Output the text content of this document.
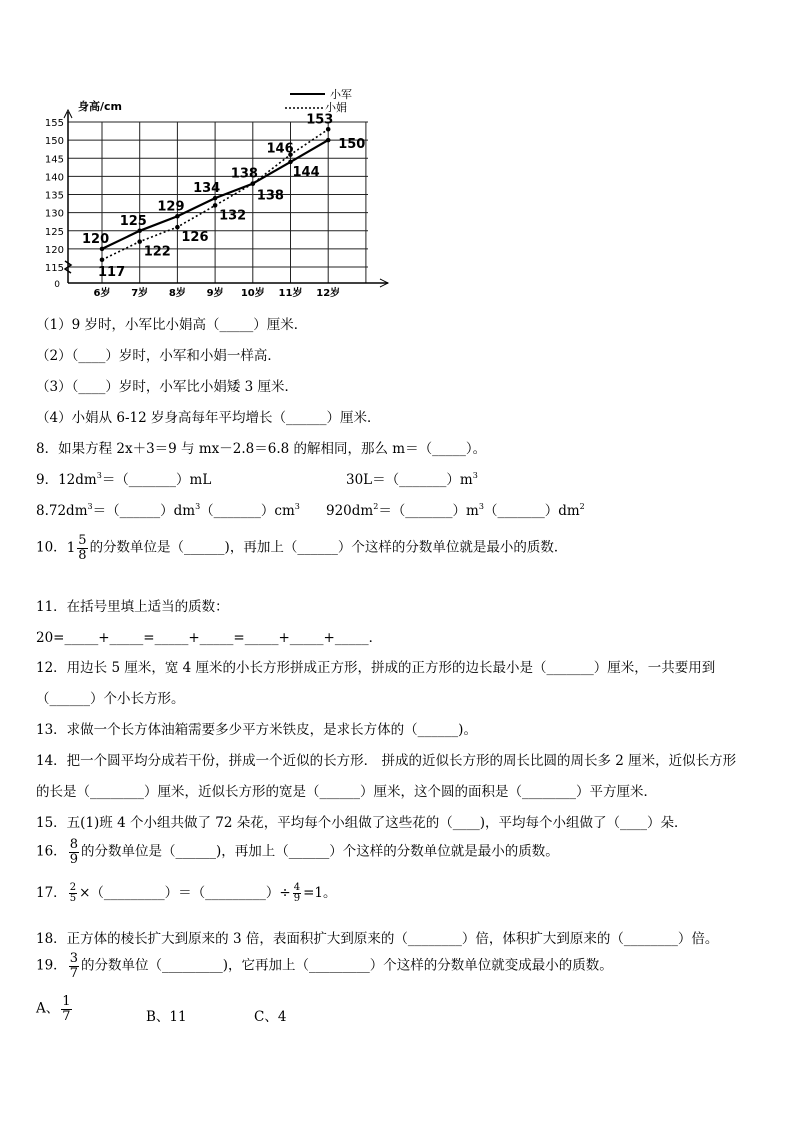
身高/cm
155
150
145
140
135
130
125
120
115
0
6岁 7岁 8岁 9岁 10岁 11岁 12岁
小军
小娟
120
125
129
134
138	144
150
117
122
126
132
138
146
153
（1）9 岁时，小军比小娟高（_____）厘米．
（2）（____）岁时，小军和小娟一样高．
（3）（____）岁时，小军比小娟矮 3 厘米．
（4）小娟从 6-12 岁身高每年平均增长（______）厘米．
8．如果方程 2x＋3＝9 与 mx－2.8＝6.8 的解相同，那么 m＝（_____）。
9．$12dm^3=(\_\_\_\_\_\_\_)mL$	$30L=(\_\_\_\_\_\_\_)m^3$
$8.72dm^3=(\_\_\_\_\_\_)dm^3(\_\_\_\_\_\_\_)cm^3$ $920dm^2=(\_\_\_\_\_\_\_)m^3(\_\_\_\_\_\_\_)dm^2$
10． $1 \frac{5}{8}$ 的分数单位是（______)，再加上（______）个这样的分数单位就是最小的质数．
11．在括号里填上适当的质数：
20=_____+_____=_____+_____=_____+_____+_____．
12．用边长 5 厘米，宽 4 厘米的小长方形拼成正方形，拼成的正方形的边长最小是（_______）厘米，一共要用到
（______）个小长方形。
13．求做一个长方体油箱需要多少平方米铁皮，是求长方体的（______)。
14．把一个圆平均分成若干份，拼成一个近似的长方形． 拼成的近似长方形的周长比圆的周长多 2 厘米，近似长方形
的长是（________）厘米，近似长方形的宽是（______）厘米，这个圆的面积是（________）平方厘米．
15．五(1)班 4 个小组共做了 72 朵花，平均每个小组做了这些花的（____)，平均每个小组做了（____）朵．
16． $\frac{8}{9}$ 的分数单位是（______)，再加上（______）个这样的分数单位就是最小的质数。
17． $\frac{2}{5}$ ×（_________）＝（_________）÷ $\frac{4}{9} =1$。
18．正方体的棱长扩大到原来的 3 倍，表面积扩大到原来的（________）倍，体积扩大到原来的（________）倍。
19． $\frac{3}{7}$ 的分数单位（_________)，它再加上（_________）个这样的分数单位就变成最小的质数。
A、 $\frac{1}{7}$	B、11	C、4
